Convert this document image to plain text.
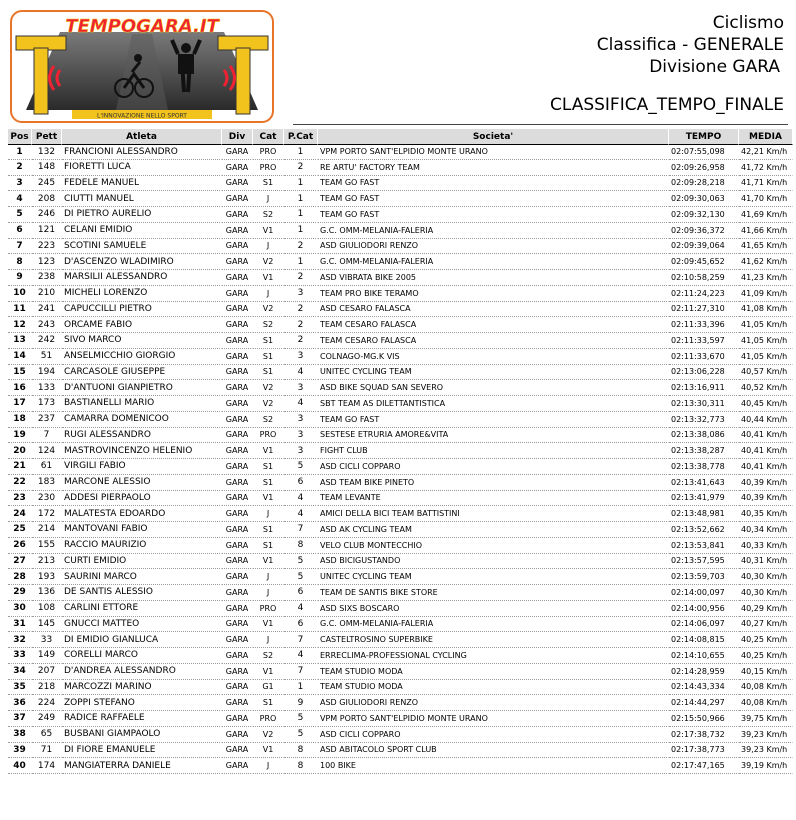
L'INNOVAZIONE NELLO SPORT
TEMPOGARA.IT	Ciclismo
Classifica - GENERALE
Divisione GARA
CLASSIFICA_TEMPO_FINALE
Pos	Pett	Atleta	Div	Cat	P.Cat	Societa'	TEMPO	MEDIA
1	132	FRANCIONI ALESSANDRO	GARA	PRO	1	VPM PORTO SANT'ELPIDIO MONTE URANO	02:07:55,098	42,21 Km/h
2	148	FIORETTI LUCA	GARA	PRO	2	RE ARTU' FACTORY TEAM	02:09:26,958	41,72 Km/h
3	245	FEDELE MANUEL	GARA	S1	1	TEAM GO FAST	02:09:28,218	41,71 Km/h
4	208	CIUTTI MANUEL	GARA	J	1	TEAM GO FAST	02:09:30,063	41,70 Km/h
5	246	DI PIETRO AURELIO	GARA	S2	1	TEAM GO FAST	02:09:32,130	41,69 Km/h
6	121	CELANI EMIDIO	GARA	V1	1	G.C. OMM-MELANIA-FALERIA	02:09:36,372	41,66 Km/h
7	223	SCOTINI SAMUELE	GARA	J	2	ASD GIULIODORI RENZO	02:09:39,064	41,65 Km/h
8	123	D'ASCENZO WLADIMIRO	GARA	V2	1	G.C. OMM-MELANIA-FALERIA	02:09:45,652	41,62 Km/h
9	238	MARSILII ALESSANDRO	GARA	V1	2	ASD VIBRATA BIKE 2005	02:10:58,259	41,23 Km/h
10	210	MICHELI LORENZO	GARA	J	3	TEAM PRO BIKE TERAMO	02:11:24,223	41,09 Km/h
11	241	CAPUCCILLI PIETRO	GARA	V2	2	ASD CESARO FALASCA	02:11:27,310	41,08 Km/h
12	243	ORCAME FABIO	GARA	S2	2	TEAM CESARO FALASCA	02:11:33,396	41,05 Km/h
13	242	SIVO MARCO	GARA	S1	2	TEAM CESARO FALASCA	02:11:33,597	41,05 Km/h
14	51	ANSELMICCHIO GIORGIO	GARA	S1	3	COLNAGO-MG.K VIS	02:11:33,670	41,05 Km/h
15	194	CARCASOLE GIUSEPPE	GARA	S1	4	UNITEC CYCLING TEAM	02:13:06,228	40,57 Km/h
16	133	D'ANTUONI GIANPIETRO	GARA	V2	3	ASD BIKE SQUAD SAN SEVERO	02:13:16,911	40,52 Km/h
17	173	BASTIANELLI MARIO	GARA	V2	4	SBT TEAM AS DILETTANTISTICA	02:13:30,311	40,45 Km/h
18	237	CAMARRA DOMENICOO	GARA	S2	3	TEAM GO FAST	02:13:32,773	40,44 Km/h
19	7	RUGI ALESSANDRO	GARA	PRO	3	SESTESE ETRURIA AMORE&VITA	02:13:38,086	40,41 Km/h
20	124	MASTROVINCENZO HELENIO	GARA	V1	3	FIGHT CLUB	02:13:38,287	40,41 Km/h
21	61	VIRGILI FABIO	GARA	S1	5	ASD CICLI COPPARO	02:13:38,778	40,41 Km/h
22	183	MARCONE ALESSIO	GARA	S1	6	ASD TEAM BIKE PINETO	02:13:41,643	40,39 Km/h
23	230	ADDESI PIERPAOLO	GARA	V1	4	TEAM LEVANTE	02:13:41,979	40,39 Km/h
24	172	MALATESTA EDOARDO	GARA	J	4	AMICI DELLA BICI TEAM BATTISTINI	02:13:48,981	40,35 Km/h
25	214	MANTOVANI FABIO	GARA	S1	7	ASD AK CYCLING TEAM	02:13:52,662	40,34 Km/h
26	155	RACCIO MAURIZIO	GARA	S1	8	VELO CLUB MONTECCHIO	02:13:53,841	40,33 Km/h
27	213	CURTI EMIDIO	GARA	V1	5	ASD BICIGUSTANDO	02:13:57,595	40,31 Km/h
28	193	SAURINI MARCO	GARA	J	5	UNITEC CYCLING TEAM	02:13:59,703	40,30 Km/h
29	136	DE SANTIS ALESSIO	GARA	J	6	TEAM DE SANTIS BIKE STORE	02:14:00,097	40,30 Km/h
30	108	CARLINI ETTORE	GARA	PRO	4	ASD SIXS BOSCARO	02:14:00,956	40,29 Km/h
31	145	GNUCCI MATTEO	GARA	V1	6	G.C. OMM-MELANIA-FALERIA	02:14:06,097	40,27 Km/h
32	33	DI EMIDIO GIANLUCA	GARA	J	7	CASTELTROSINO SUPERBIKE	02:14:08,815	40,25 Km/h
33	149	CORELLI MARCO	GARA	S2	4	ERRECLIMA-PROFESSIONAL CYCLING	02:14:10,655	40,25 Km/h
34	207	D'ANDREA ALESSANDRO	GARA	V1	7	TEAM STUDIO MODA	02:14:28,959	40,15 Km/h
35	218	MARCOZZI MARINO	GARA	G1	1	TEAM STUDIO MODA	02:14:43,334	40,08 Km/h
36	224	ZOPPI STEFANO	GARA	S1	9	ASD GIULIODORI RENZO	02:14:44,297	40,08 Km/h
37	249	RADICE RAFFAELE	GARA	PRO	5	VPM PORTO SANT'ELPIDIO MONTE URANO	02:15:50,966	39,75 Km/h
38	65	BUSBANI GIAMPAOLO	GARA	V2	5	ASD CICLI COPPARO	02:17:38,732	39,23 Km/h
39	71	DI FIORE EMANUELE	GARA	V1	8	ASD ABITACOLO SPORT CLUB	02:17:38,773	39,23 Km/h
40	174	MANGIATERRA DANIELE	GARA	J	8	100 BIKE	02:17:47,165	39,19 Km/h
